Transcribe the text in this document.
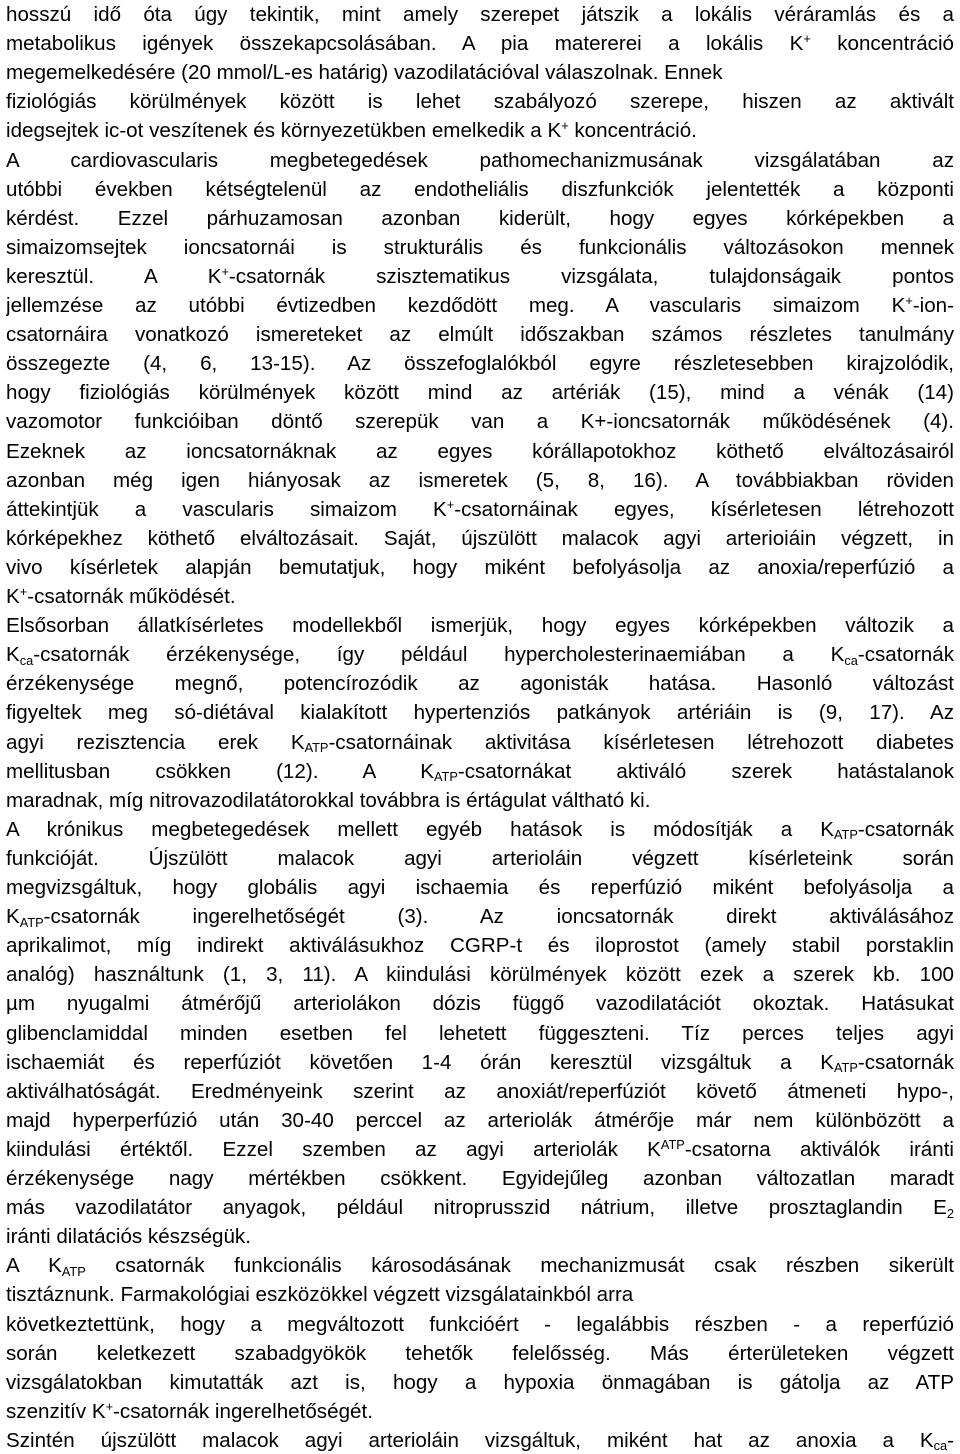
hosszú idő óta úgy tekintik, mint amely szerepet játszik a lokális véráramlás és a
metabolikus igények összekapcsolásában. A pia matererei a lokális K+ koncentráció
megemelkedésére (20 mmol/L-es határig) vazodilatációval válaszolnak. Ennek
fiziológiás körülmények között is lehet szabályozó szerepe, hiszen az aktivált
idegsejtek ic-ot veszítenek és környezetükben emelkedik a K+ koncentráció.
A cardiovascularis megbetegedések pathomechanizmusának vizsgálatában az
utóbbi években kétségtelenül az endotheliális diszfunkciók jelentették a központi
kérdést. Ezzel párhuzamosan azonban kiderült, hogy egyes kórképekben a
simaizomsejtek ioncsatornái is strukturális és funkcionális változásokon mennek
keresztül. A K+-csatornák szisztematikus vizsgálata, tulajdonságaik pontos
jellemzése az utóbbi évtizedben kezdődött meg. A vascularis simaizom K+-ion-
csatornáira vonatkozó ismereteket az elmúlt időszakban számos részletes tanulmány
összegezte (4, 6, 13-15). Az összefoglalókból egyre részletesebben kirajzolódik,
hogy fiziológiás körülmények között mind az artériák (15), mind a vénák (14)
vazomotor funkcióiban döntő szerepük van a K+-ioncsatornák működésének (4).
Ezeknek az ioncsatornáknak az egyes kórállapotokhoz köthető elváltozásairól
azonban még igen hiányosak az ismeretek (5, 8, 16). A továbbiakban röviden
áttekintjük a vascularis simaizom K+-csatornáinak egyes, kísérletesen létrehozott
kórképekhez köthető elváltozásait. Saját, újszülött malacok agyi arterioiáin végzett, in
vivo kísérletek alapján bemutatjuk, hogy miként befolyásolja az anoxia/reperfúzió a
K+-csatornák működését.
Elsősorban állatkísérletes modellekből ismerjük, hogy egyes kórképekben változik a
Kca-csatornák érzékenysége, így például hypercholesterinaemiában a Kca-csatornák
érzékenysége megnő, potencírozódik az agonisták hatása. Hasonló változást
figyeltek meg só-diétával kialakított hypertenziós patkányok artériáin is (9, 17). Az
agyi rezisztencia erek KATP-csatornáinak aktivitása kísérletesen létrehozott diabetes
mellitusban csökken (12). A KATP-csatornákat aktiváló szerek hatástalanok
maradnak, míg nitrovazodilatátorokkal továbbra is értágulat váltható ki.
A krónikus megbetegedések mellett egyéb hatások is módosítják a KATP-csatornák
funkcióját. Újszülött malacok agyi arterioláin végzett kísérleteink során
megvizsgáltuk, hogy globális agyi ischaemia és reperfúzió miként befolyásolja a
KATP-csatornák ingerelhetőségét (3). Az ioncsatornák direkt aktiválásához
aprikalimot, míg indirekt aktiválásukhoz CGRP-t és iloprostot (amely stabil porstaklin
analóg) használtunk (1, 3, 11). A kiindulási körülmények között ezek a szerek kb. 100
µm nyugalmi átmérőjű arteriolákon dózis függő vazodilatációt okoztak. Hatásukat
glibenclamiddal minden esetben fel lehetett függeszteni. Tíz perces teljes agyi
ischaemiát és reperfúziót követően 1-4 órán keresztül vizsgáltuk a KATP-csatornák
aktiválhatóságát. Eredményeink szerint az anoxiát/reperfúziót követő átmeneti hypo-,
majd hyperperfúzió után 30-40 perccel az arteriolák átmérője már nem különbözött a
kiindulási értéktől. Ezzel szemben az agyi arteriolák $K^{ATP}$-csatorna aktiválók iránti
érzékenysége nagy mértékben csökkent. Egyidejűleg azonban változatlan maradt
más vazodilatátor anyagok, például nitroprusszid nátrium, illetve prosztaglandin E2
iránti dilatációs készségük.
A KATP csatornák funkcionális károsodásának mechanizmusát csak részben sikerült
tisztáznunk. Farmakológiai eszközökkel végzett vizsgálatainkból arra
következtettünk, hogy a megváltozott funkcióért - legalábbis részben - a reperfúzió
során keletkezett szabadgyökök tehetők felelősség. Más érterületeken végzett
vizsgálatokban kimutatták azt is, hogy a hypoxia önmagában is gátolja az ATP
szenzitív K+-csatornák ingerelhetőségét.
Szintén újszülött malacok agyi arterioláin vizsgáltuk, miként hat az anoxia a Kca-
